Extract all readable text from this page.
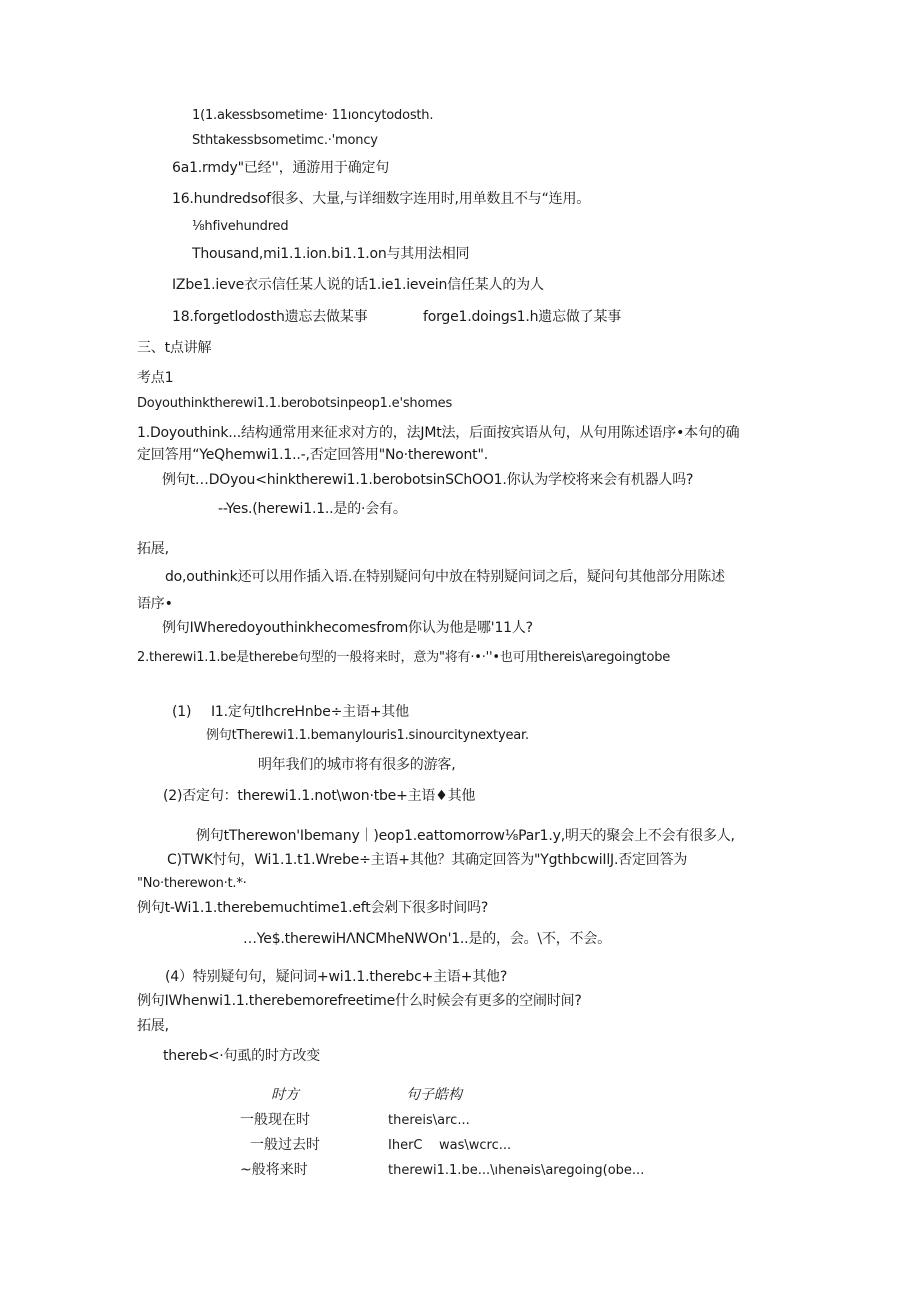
1(1.akessbsometime· 11ıoncytodosth.
Sthtakessbsometimc.·'moncy
6a1.rmdy"已经''，通游用于确定句
16.hundredsof很多、大量,与详细数字连用时,用单数且不与“连用。
⅛hfivehundred
Thousand,mi1.1.ion.bi1.1.on与其用法相同
IZbe1.ieve衣示信任某人说的话1.ie1.ievein信任某人的为人
18.forgetlodosth遗忘去做某事	forge1.doings1.h遗忘做了某事
三、t点讲解
考点1
Doyouthinktherewi1.1.berobotsinpeop1.e'shomes
1.Doyouthink...结构通常用来征求对方的，法JMt法，后面按宾语从句，从句用陈述语序•本句的确
定回答用“YeQhemwi1.1..-,否定回答用"No·therewont".
例句t…DOyou<hinktherewi1.1.berobotsinSChOO1.你认为学校将来会有机器人吗?
--Yes.(herewi1.1..是的·会有。
拓展,
do,outhink还可以用作插入语.在特别疑问句中放在特别疑问词之后，疑问句其他部分用陈述
语序•
例句IWheredoyouthinkhecomesfrom你认为他是哪'11人?
2.therewi1.1.be是therebe句型的一般将来时，意为"将有·•·''•也可用thereis\aregoingtobe
(1) I1.定句tIhcreHnbe÷主语+其他
例句tTherewi1.1.bemanylouris1.sinourcitynextyear.
明年我们的城市将有很多的游客,
(2)否定句：therewi1.1.not\won·tbe+主语♦其他
例句tTherewon'Ibemany｜)eop1.eattomorrow⅛Par1.y,明天的聚会上不会有很多人,
C)TWK忖句，Wi1.1.t1.Wrebe÷主语+其他？其确定回答为"YgthbcwiIlJ.否定回答为
"No·therewon·t.*·
例句t-Wi1.1.therebemuchtime1.eft会剁下很多时间吗?
…Ye$.therewiHΛNCMheNWOn'1..是的，会。\不，不会。
(4）特别疑句句，疑问词+wi1.1.therebc+主语+其他?
例句IWhenwi1.1.therebemorefreetime什么时候会有更多的空闹时间?
拓展,
thereb<·句虱的时方改变
时方	句子皓构
一般现在时	thereis\arc...
一般过去时	IherC    was\wcrc...
~般将来时	therewi1.1.be...\ıhenəis\aregoing(obe...
